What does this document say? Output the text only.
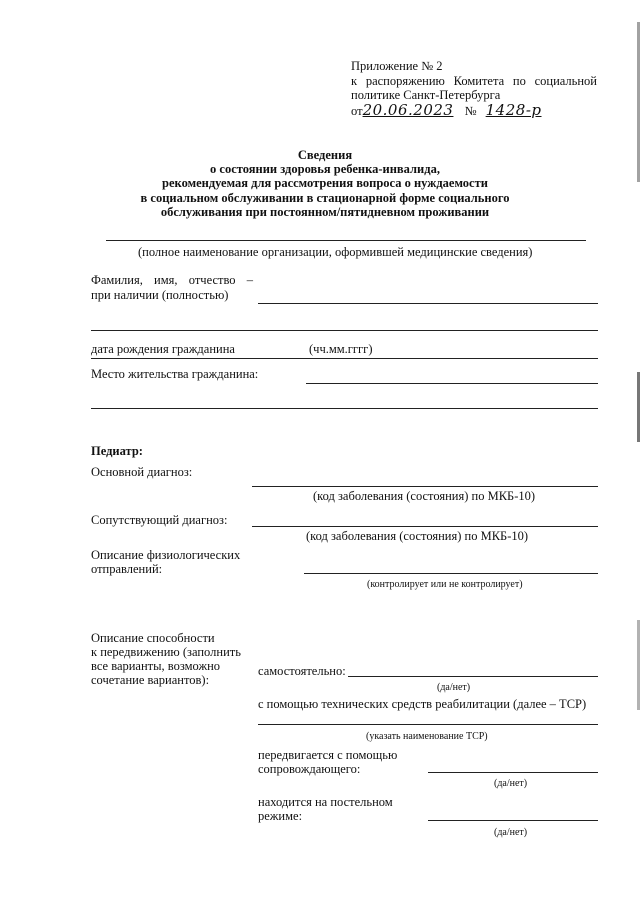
Приложение № 2
к распоряжению Комитета по социальной
политике Санкт-Петербурга
от20.06.2023 № 1428-р
Сведения
о состоянии здоровья ребенка-инвалида,
рекомендуемая для рассмотрения вопроса о нуждаемости
в социальном обслуживании в стационарной форме социального
обслуживания при постоянном/пятидневном проживании
(полное наименование организации, оформившей медицинские сведения)
Фамилия, имя, отчество –
при наличии (полностью)
дата рождения гражданина	(чч.мм.гггг)
Место жительства гражданина:
Педиатр:
Основной диагноз:
(код заболевания (состояния) по МКБ-10)
Сопутствующий диагноз:
(код заболевания (состояния) по МКБ-10)
Описание физиологических
отправлений:
(контролирует или не контролирует)
Описание способности
к передвижению (заполнить
все варианты, возможно
сочетание вариантов):
самостоятельно:
(да/нет)
с помощью технических средств реабилитации (далее – ТСР)
(указать наименование ТСР)
передвигается с помощью
сопровождающего:
(да/нет)
находится на постельном
режиме:
(да/нет)
